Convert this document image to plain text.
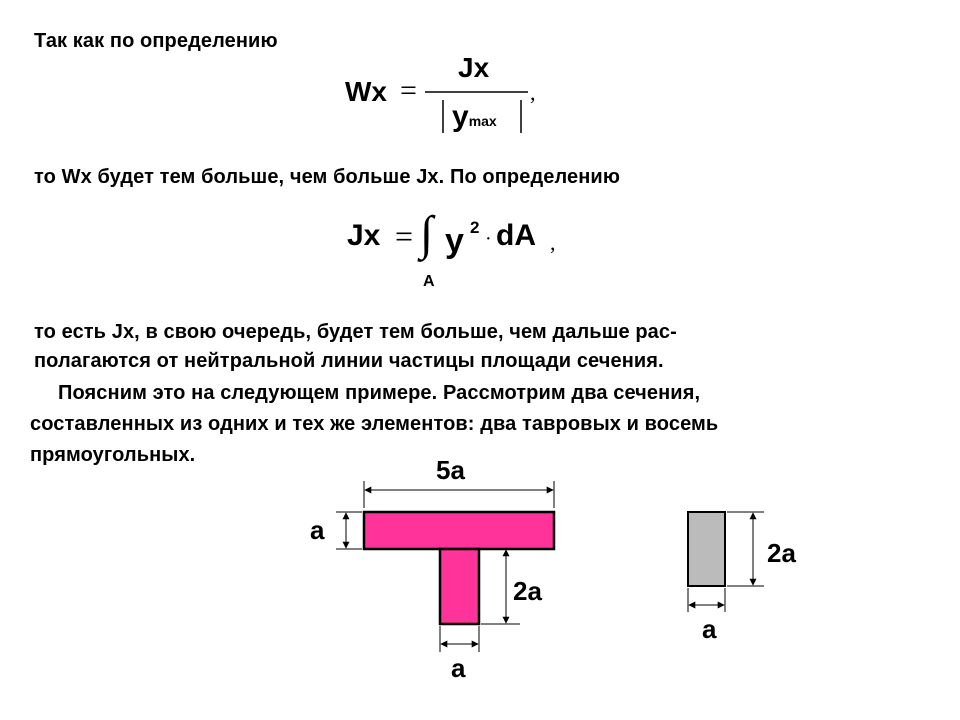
Так как по определению
Wx =
Jx
ymax
,
то Wx будет тем больше, чем больше Jx. По определению
Jx = ∫
A
y 2
· dA ,
то есть Jx, в свою очередь, будет тем больше, чем дальше рас-
полагаются от нейтральной линии частицы площади сечения.
Поясним это на следующем примере. Рассмотрим два сечения,
составленных из одних и тех же элементов: два тавровых и восемь
прямоугольных.	5a
a
2a
a
2a
a
